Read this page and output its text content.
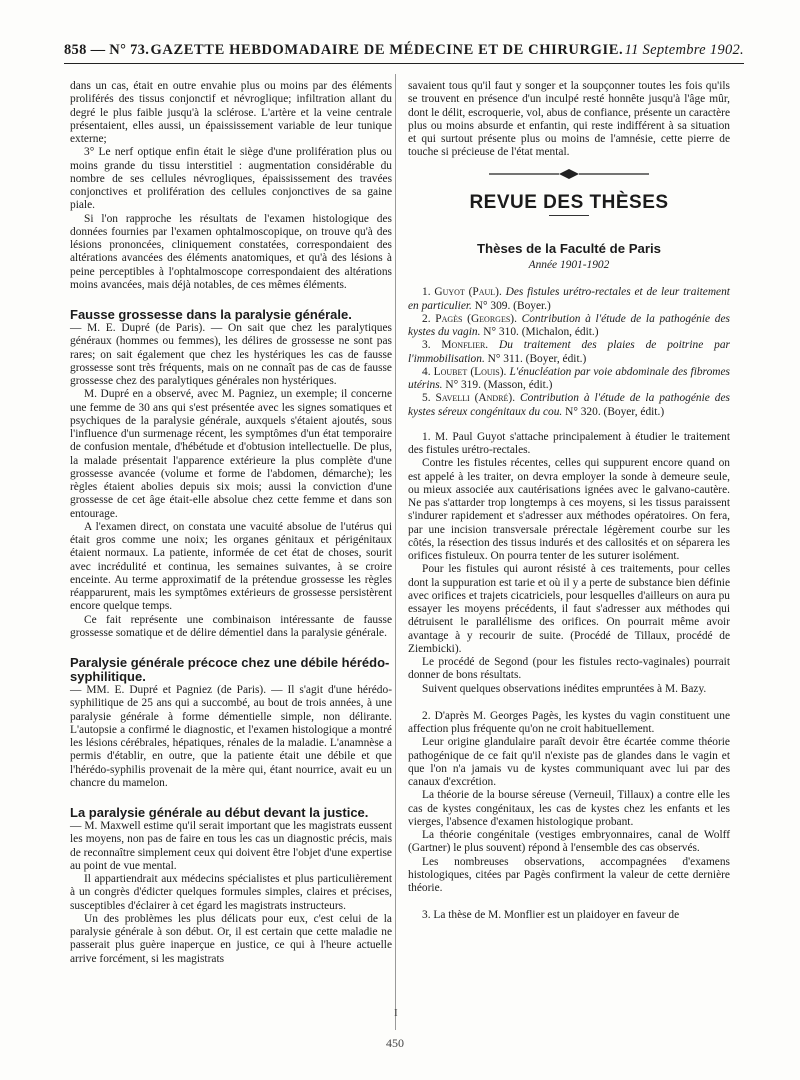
858 — N° 73. GAZETTE HEBDOMADAIRE DE MÉDECINE ET DE CHIRURGIE. 11 Septembre 1902.

dans un cas, était en outre envahie plus ou moins par des éléments proliférés des tissus conjonctif et névroglique; infiltration allant du degré le plus faible jusqu'à la sclérose. L'artère et la veine centrale présentaient, elles aussi, un épaississement variable de leur tunique externe;

3° Le nerf optique enfin était le siège d'une prolifération plus ou moins grande du tissu interstitiel : augmentation considérable du nombre de ses cellules névrogliques, épaississement des travées conjonctives et prolifération des cellules conjonctives de sa gaine piale.

Si l'on rapproche les résultats de l'examen histologique des données fournies par l'examen ophtalmoscopique, on trouve qu'à des lésions prononcées, cliniquement constatées, correspondaient des altérations avancées des éléments anatomiques, et qu'à des lésions à peine perceptibles à l'ophtalmoscope correspondaient des altérations moins avancées, mais déjà notables, de ces mêmes éléments.

Fausse grossesse dans la paralysie générale.

— M. E. Dupré (de Paris). — On sait que chez les paralytiques généraux (hommes ou femmes), les délires de grossesse ne sont pas rares; on sait également que chez les hystériques les cas de fausse grossesse sont très fréquents, mais on ne connaît pas de cas de fausse grossesse chez des paralytiques générales non hystériques.

M. Dupré en a observé, avec M. Pagniez, un exemple; il concerne une femme de 30 ans qui s'est présentée avec les signes somatiques et psychiques de la paralysie générale, auxquels s'étaient ajoutés, sous l'influence d'un surmenage récent, les symptômes d'un état temporaire de confusion mentale, d'hébétude et d'obtusion intellectuelle. De plus, la malade présentait l'apparence extérieure la plus complète d'une grossesse avancée (volume et forme de l'abdomen, démarche); les règles étaient abolies depuis six mois; aussi la conviction d'une grossesse de cet âge était-elle absolue chez cette femme et dans son entourage.

A l'examen direct, on constata une vacuité absolue de l'utérus qui était gros comme une noix; les organes génitaux et périgénitaux étaient normaux. La patiente, informée de cet état de choses, sourit avec incrédulité et continua, les semaines suivantes, à se croire enceinte. Au terme approximatif de la prétendue grossesse les règles réapparurent, mais les symptômes extérieurs de grossesse persistèrent encore quelque temps.

Ce fait représente une combinaison intéressante de fausse grossesse somatique et de délire démentiel dans la paralysie générale.

Paralysie générale précoce chez une débile hérédo-syphilitique.

— MM. E. Dupré et Pagniez (de Paris). — Il s'agit d'une hérédo-syphilitique de 25 ans qui a succombé, au bout de trois années, à une paralysie générale à forme démentielle simple, non délirante. L'autopsie a confirmé le diagnostic, et l'examen histologique a montré les lésions cérébrales, hépatiques, rénales de la maladie. L'anamnèse a permis d'établir, en outre, que la patiente était une débile et que l'hérédo-syphilis provenait de la mère qui, étant nourrice, avait eu un chancre du mamelon.

La paralysie générale au début devant la justice.

— M. Maxwell estime qu'il serait important que les magistrats eussent les moyens, non pas de faire en tous les cas un diagnostic précis, mais de reconnaître simplement ceux qui doivent être l'objet d'une expertise au point de vue mental.

Il appartiendrait aux médecins spécialistes et plus particulièrement à un congrès d'édicter quelques formules simples, claires et précises, susceptibles d'éclairer à cet égard les magistrats instructeurs.

Un des problèmes les plus délicats pour eux, c'est celui de la paralysie générale à son début. Or, il est certain que cette maladie ne passerait plus guère inaperçue en justice, ce qui à l'heure actuelle arrive forcément, si les magistrats

savaient tous qu'il faut y songer et la soupçonner toutes les fois qu'ils se trouvent en présence d'un inculpé resté honnête jusqu'à l'âge mûr, dont le délit, escroquerie, vol, abus de confiance, présente un caractère plus ou moins absurde et enfantin, qui reste indifférent à sa situation et qui surtout présente plus ou moins de l'amnésie, cette pierre de touche si précieuse de l'état mental.

REVUE DES THÈSES
Thèses de la Faculté de Paris
Année 1901-1902

1. Guyot (Paul). Des fistules urétro-rectales et de leur traitement en particulier. N° 309. (Boyer.)

2. Pagès (Georges). Contribution à l'étude de la pathogénie des kystes du vagin. N° 310. (Michalon, édit.)

3. Monflier. Du traitement des plaies de poitrine par l'immobilisation. N° 311. (Boyer, édit.)

4. Loubet (Louis). L'énucléation par voie abdominale des fibromes utérins. N° 319. (Masson, édit.)

5. Savelli (André). Contribution à l'étude de la pathogénie des kystes séreux congénitaux du cou. N° 320. (Boyer, édit.)

1. M. Paul Guyot s'attache principalement à étudier le traitement des fistules urétro-rectales.

Contre les fistules récentes, celles qui suppurent encore quand on est appelé à les traiter, on devra employer la sonde à demeure seule, ou mieux associée aux cautérisations ignées avec le galvano-cautère. Ne pas s'attarder trop longtemps à ces moyens, si les tissus paraissent s'indurer rapidement et s'adresser aux méthodes opératoires. On fera, par une incision transversale prérectale légèrement courbe sur les côtés, la résection des tissus indurés et des callosités et on séparera les orifices fistuleux. On pourra tenter de les suturer isolément.

Pour les fistules qui auront résisté à ces traitements, pour celles dont la suppuration est tarie et où il y a perte de substance bien définie avec orifices et trajets cicatriciels, pour lesquelles d'ailleurs on aura pu essayer les moyens précédents, il faut s'adresser aux méthodes qui détruisent le parallélisme des orifices. On pourrait même avoir avantage à y recourir de suite. (Procédé de Tillaux, procédé de Ziembicki).

Le procédé de Segond (pour les fistules recto-vaginales) pourrait donner de bons résultats.

Suivent quelques observations inédites empruntées à M. Bazy.

2. D'après M. Georges Pagès, les kystes du vagin constituent une affection plus fréquente qu'on ne croit habituellement.

Leur origine glandulaire paraît devoir être écartée comme théorie pathogénique de ce fait qu'il n'existe pas de glandes dans le vagin et que l'on n'a jamais vu de kystes communiquant avec lui par des canaux d'excrétion.

La théorie de la bourse séreuse (Verneuil, Tillaux) a contre elle les cas de kystes congénitaux, les cas de kystes chez les enfants et les vierges, l'absence d'examen histologique probant.

La théorie congénitale (vestiges embryonnaires, canal de Wolff (Gartner) le plus souvent) répond à l'ensemble des cas observés.

Les nombreuses observations, accompagnées d'examens histologiques, citées par Pagès confirment la valeur de cette dernière théorie.

3. La thèse de M. Monflier est un plaidoyer en faveur de

I
450
